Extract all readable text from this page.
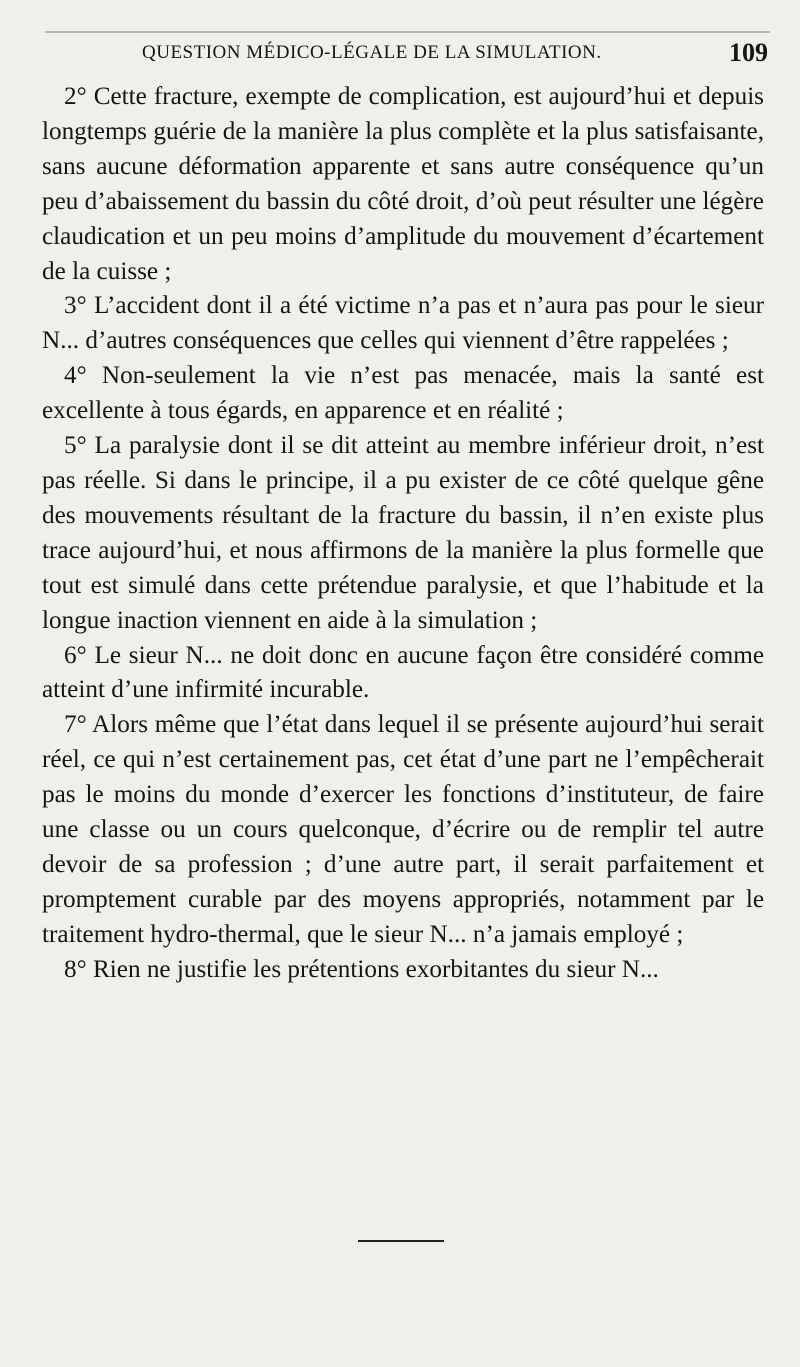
QUESTION MÉDICO-LÉGALE DE LA SIMULATION.	109

2° Cette fracture, exempte de complication, est aujourd’hui et depuis longtemps guérie de la manière la plus complète et la plus satisfaisante, sans aucune déformation apparente et sans autre conséquence qu’un peu d’abaissement du bassin du côté droit, d’où peut résulter une légère claudication et un peu moins d’amplitude du mouvement d’écartement de la cuisse ;

3° L’accident dont il a été victime n’a pas et n’aura pas pour le sieur N... d’autres conséquences que celles qui viennent d’être rappelées ;

4° Non-seulement la vie n’est pas menacée, mais la santé est excellente à tous égards, en apparence et en réalité ;

5° La paralysie dont il se dit atteint au membre inférieur droit, n’est pas réelle. Si dans le principe, il a pu exister de ce côté quelque gêne des mouvements résultant de la fracture du bassin, il n’en existe plus trace aujourd’hui, et nous affirmons de la manière la plus formelle que tout est simulé dans cette prétendue paralysie, et que l’habitude et la longue inaction viennent en aide à la simulation ;

6° Le sieur N... ne doit donc en aucune façon être considéré comme atteint d’une infirmité incurable.

7° Alors même que l’état dans lequel il se présente aujourd’hui serait réel, ce qui n’est certainement pas, cet état d’une part ne l’empêcherait pas le moins du monde d’exercer les fonctions d’instituteur, de faire une classe ou un cours quelconque, d’écrire ou de remplir tel autre devoir de sa profession ; d’une autre part, il serait parfaitement et promptement curable par des moyens appropriés, notamment par le traitement hydro-thermal, que le sieur N... n’a jamais employé ;

8° Rien ne justifie les prétentions exorbitantes du sieur N...
